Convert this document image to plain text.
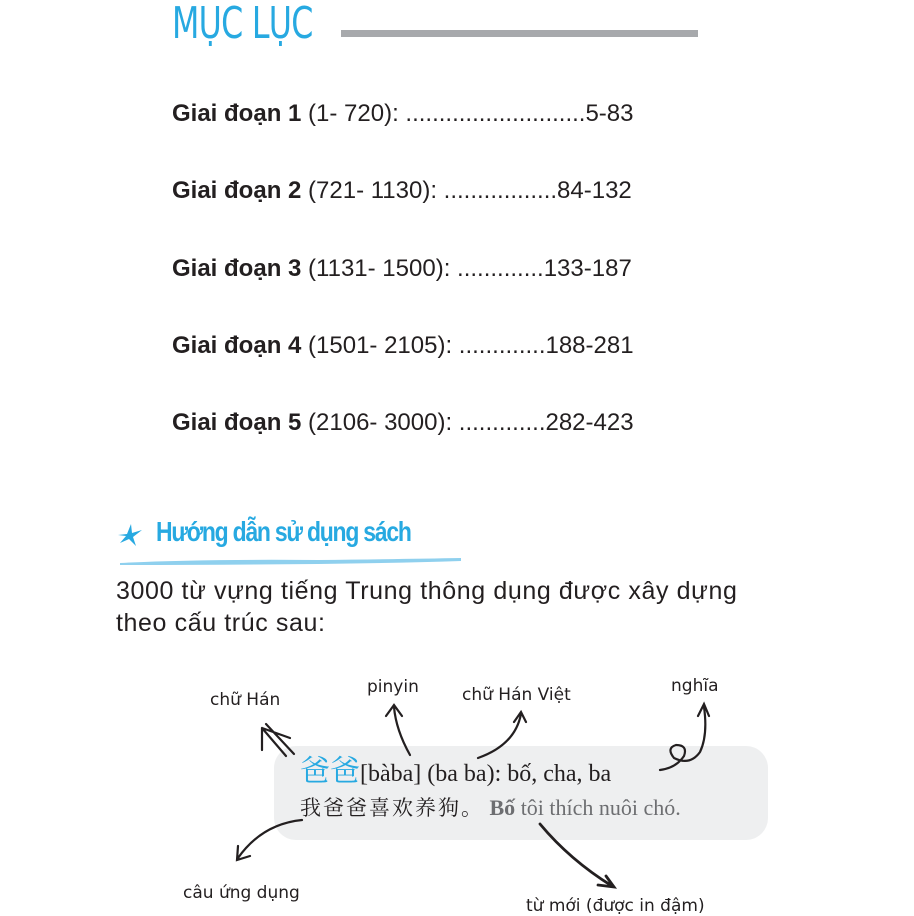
MỤC LỤC
Giai đoạn 1 (1- 720): ...........................5-83
Giai đoạn 2 (721- 1130): .................84-132
Giai đoạn 3 (1131- 1500): .............133-187
Giai đoạn 4 (1501- 2105): .............188-281
Giai đoạn 5 (2106- 3000): .............282-423
Hướng dẫn sử dụng sách
3000 từ vựng tiếng Trung thông dụng được xây dựng
theo cấu trúc sau:
爸爸[bàba] (ba ba): bố, cha, ba
我爸爸喜欢养狗。 Bố tôi thích nuôi chó.
chữ Hán
pinyin	chữ Hán Việt	nghĩa
câu ứng dụng
từ mới (được in đậm)
